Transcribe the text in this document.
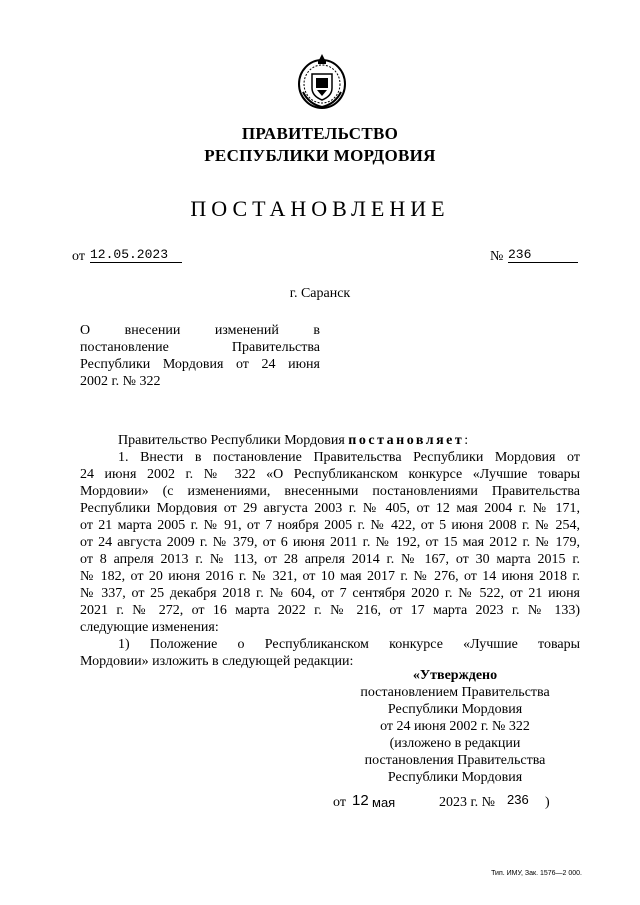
ПРАВИТЕЛЬСТВО
РЕСПУБЛИКИ МОРДОВИЯ
ПОСТАНОВЛЕНИЕ
от 12.05.2023	№ 236
г. Саранск
О внесении изменений в
постановление Правительства
Республики Мордовия от 24 июня
2002 г. № 322
Правительство Республики Мордовия постановляет:
1. Внести в постановление Правительства Республики Мордовия от
24 июня 2002 г. № 322 «О Республиканском конкурсе «Лучшие товары
Мордовии» (с изменениями, внесенными постановлениями Правительства
Республики Мордовия от 29 августа 2003 г. № 405, от 12 мая 2004 г. № 171,
от 21 марта 2005 г. № 91, от 7 ноября 2005 г. № 422, от 5 июня 2008 г. № 254,
от 24 августа 2009 г. № 379, от 6 июня 2011 г. № 192, от 15 мая 2012 г. № 179,
от 8 апреля 2013 г. № 113, от 28 апреля 2014 г. № 167, от 30 марта 2015 г.
№ 182, от 20 июня 2016 г. № 321, от 10 мая 2017 г. № 276, от 14 июня 2018 г.
№ 337, от 25 декабря 2018 г. № 604, от 7 сентября 2020 г. № 522, от 21 июня
2021 г. № 272, от 16 марта 2022 г. № 216, от 17 марта 2023 г. № 133)
следующие изменения:
1) Положение о Республиканском конкурсе «Лучшие товары
Мордовии» изложить в следующей редакции:
«Утверждено
постановлением Правительства
Республики Мордовия
от 24 июня 2002 г. № 322
(изложено в редакции
постановления Правительства
Республики Мордовия
от 12 мая	2023 г. № 236 )
Тип. ИМУ, Зак. 1576—2 000.
